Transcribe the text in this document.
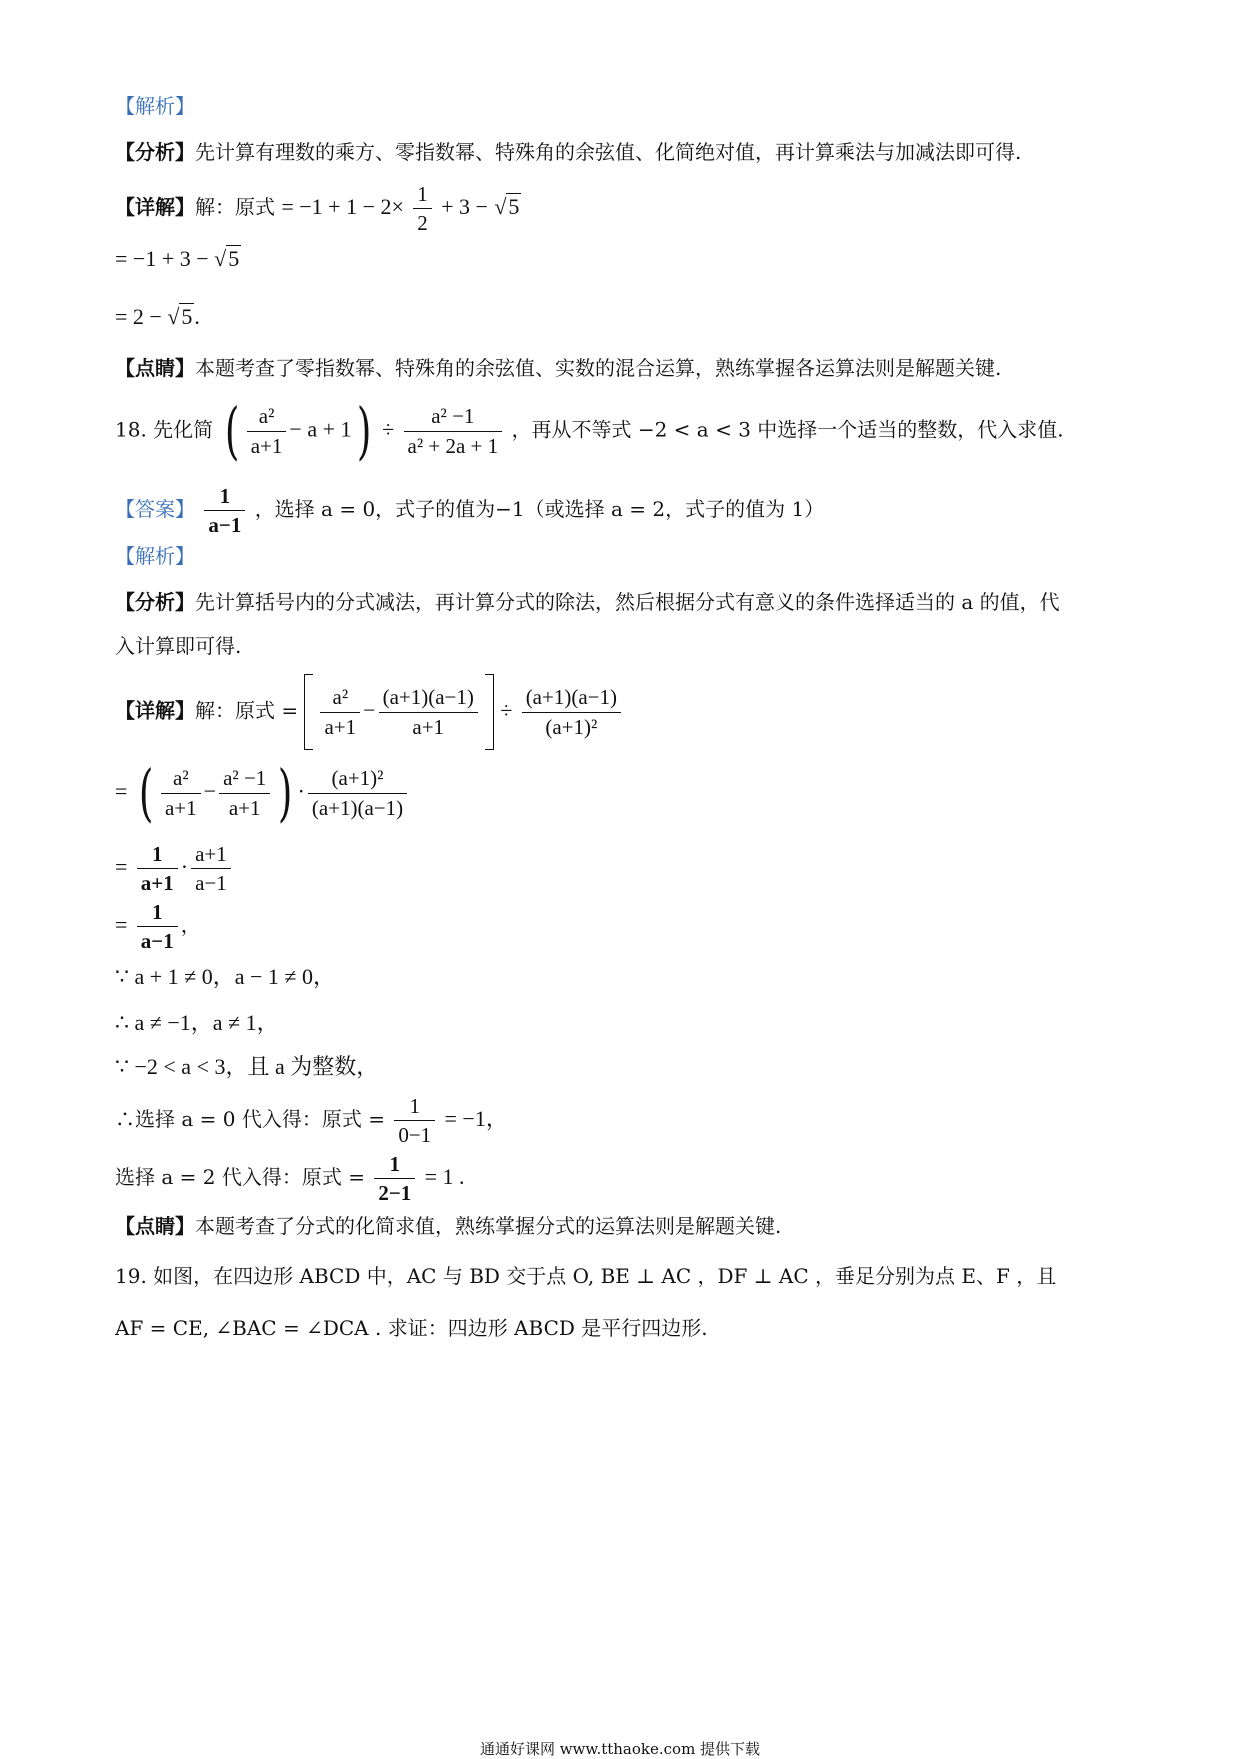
【解析】
【分析】先计算有理数的乘方、零指数幂、特殊角的余弦值、化简绝对值，再计算乘法与加减法即可得.
【详解】解：原式 = $-1 + 1 - 2\times \frac{1}{2} + 3 - √5$
= −1 + 3 − √5
= 2 − √5.
【点睛】本题考查了零指数幂、特殊角的余弦值、实数的混合运算，熟练掌握各运算法则是解题关键.
18. 先化简 ( $\frac{\text{a²}}{a+1} - a + 1) \div \frac{\text{a² −1}}{\text{a² + 2a + 1}}$ ，再从不等式 −2 < a < 3 中选择一个适当的整数，代入求值.
【答案】 $\frac{1}{a-1}$ ，选择 a = 0，式子的值为−1（或选择 a = 2，式子的值为 1）
【解析】
【分析】先计算括号内的分式减法，再计算分式的除法，然后根据分式有意义的条件选择适当的 a 的值，代
入计算即可得.
【详解】解：原式 = $\frac{\text{a²}}{a+1} - \frac{(a+1)(a-1)}{a+1} \div \frac{(a+1)(a-1)}{\text{(a+1)²}}$
= ( $\frac{\text{a²}}{a+1} - \frac{\text{a² −1}}{a+1}$ ) · $\frac{\text{(a+1)²}}{(a+1)(a-1)}$
= $\frac{1}{a+1} \cdot \frac{a+1}{a-1}$
= $\frac{1}{a-1}$ ，
∵ a + 1 ≠ 0，a − 1 ≠ 0，
∴ a ≠ −1，a ≠ 1，
∵ −2 < a < 3，且 a 为整数，
∴选择 a = 0 代入得：原式 = $\frac{1}{0-1} = -1$，
选择 a = 2 代入得：原式 = $\frac{1}{2-1} = 1$ .
【点睛】本题考查了分式的化简求值，熟练掌握分式的运算法则是解题关键.
19. 如图，在四边形 ABCD 中，AC 与 BD 交于点 O, BE ⊥ AC ，DF ⊥ AC ，垂足分别为点 E、F ，且
AF = CE, ∠BAC = ∠DCA . 求证：四边形 ABCD 是平行四边形.
通通好课网 www.tthaoke.com 提供下载
